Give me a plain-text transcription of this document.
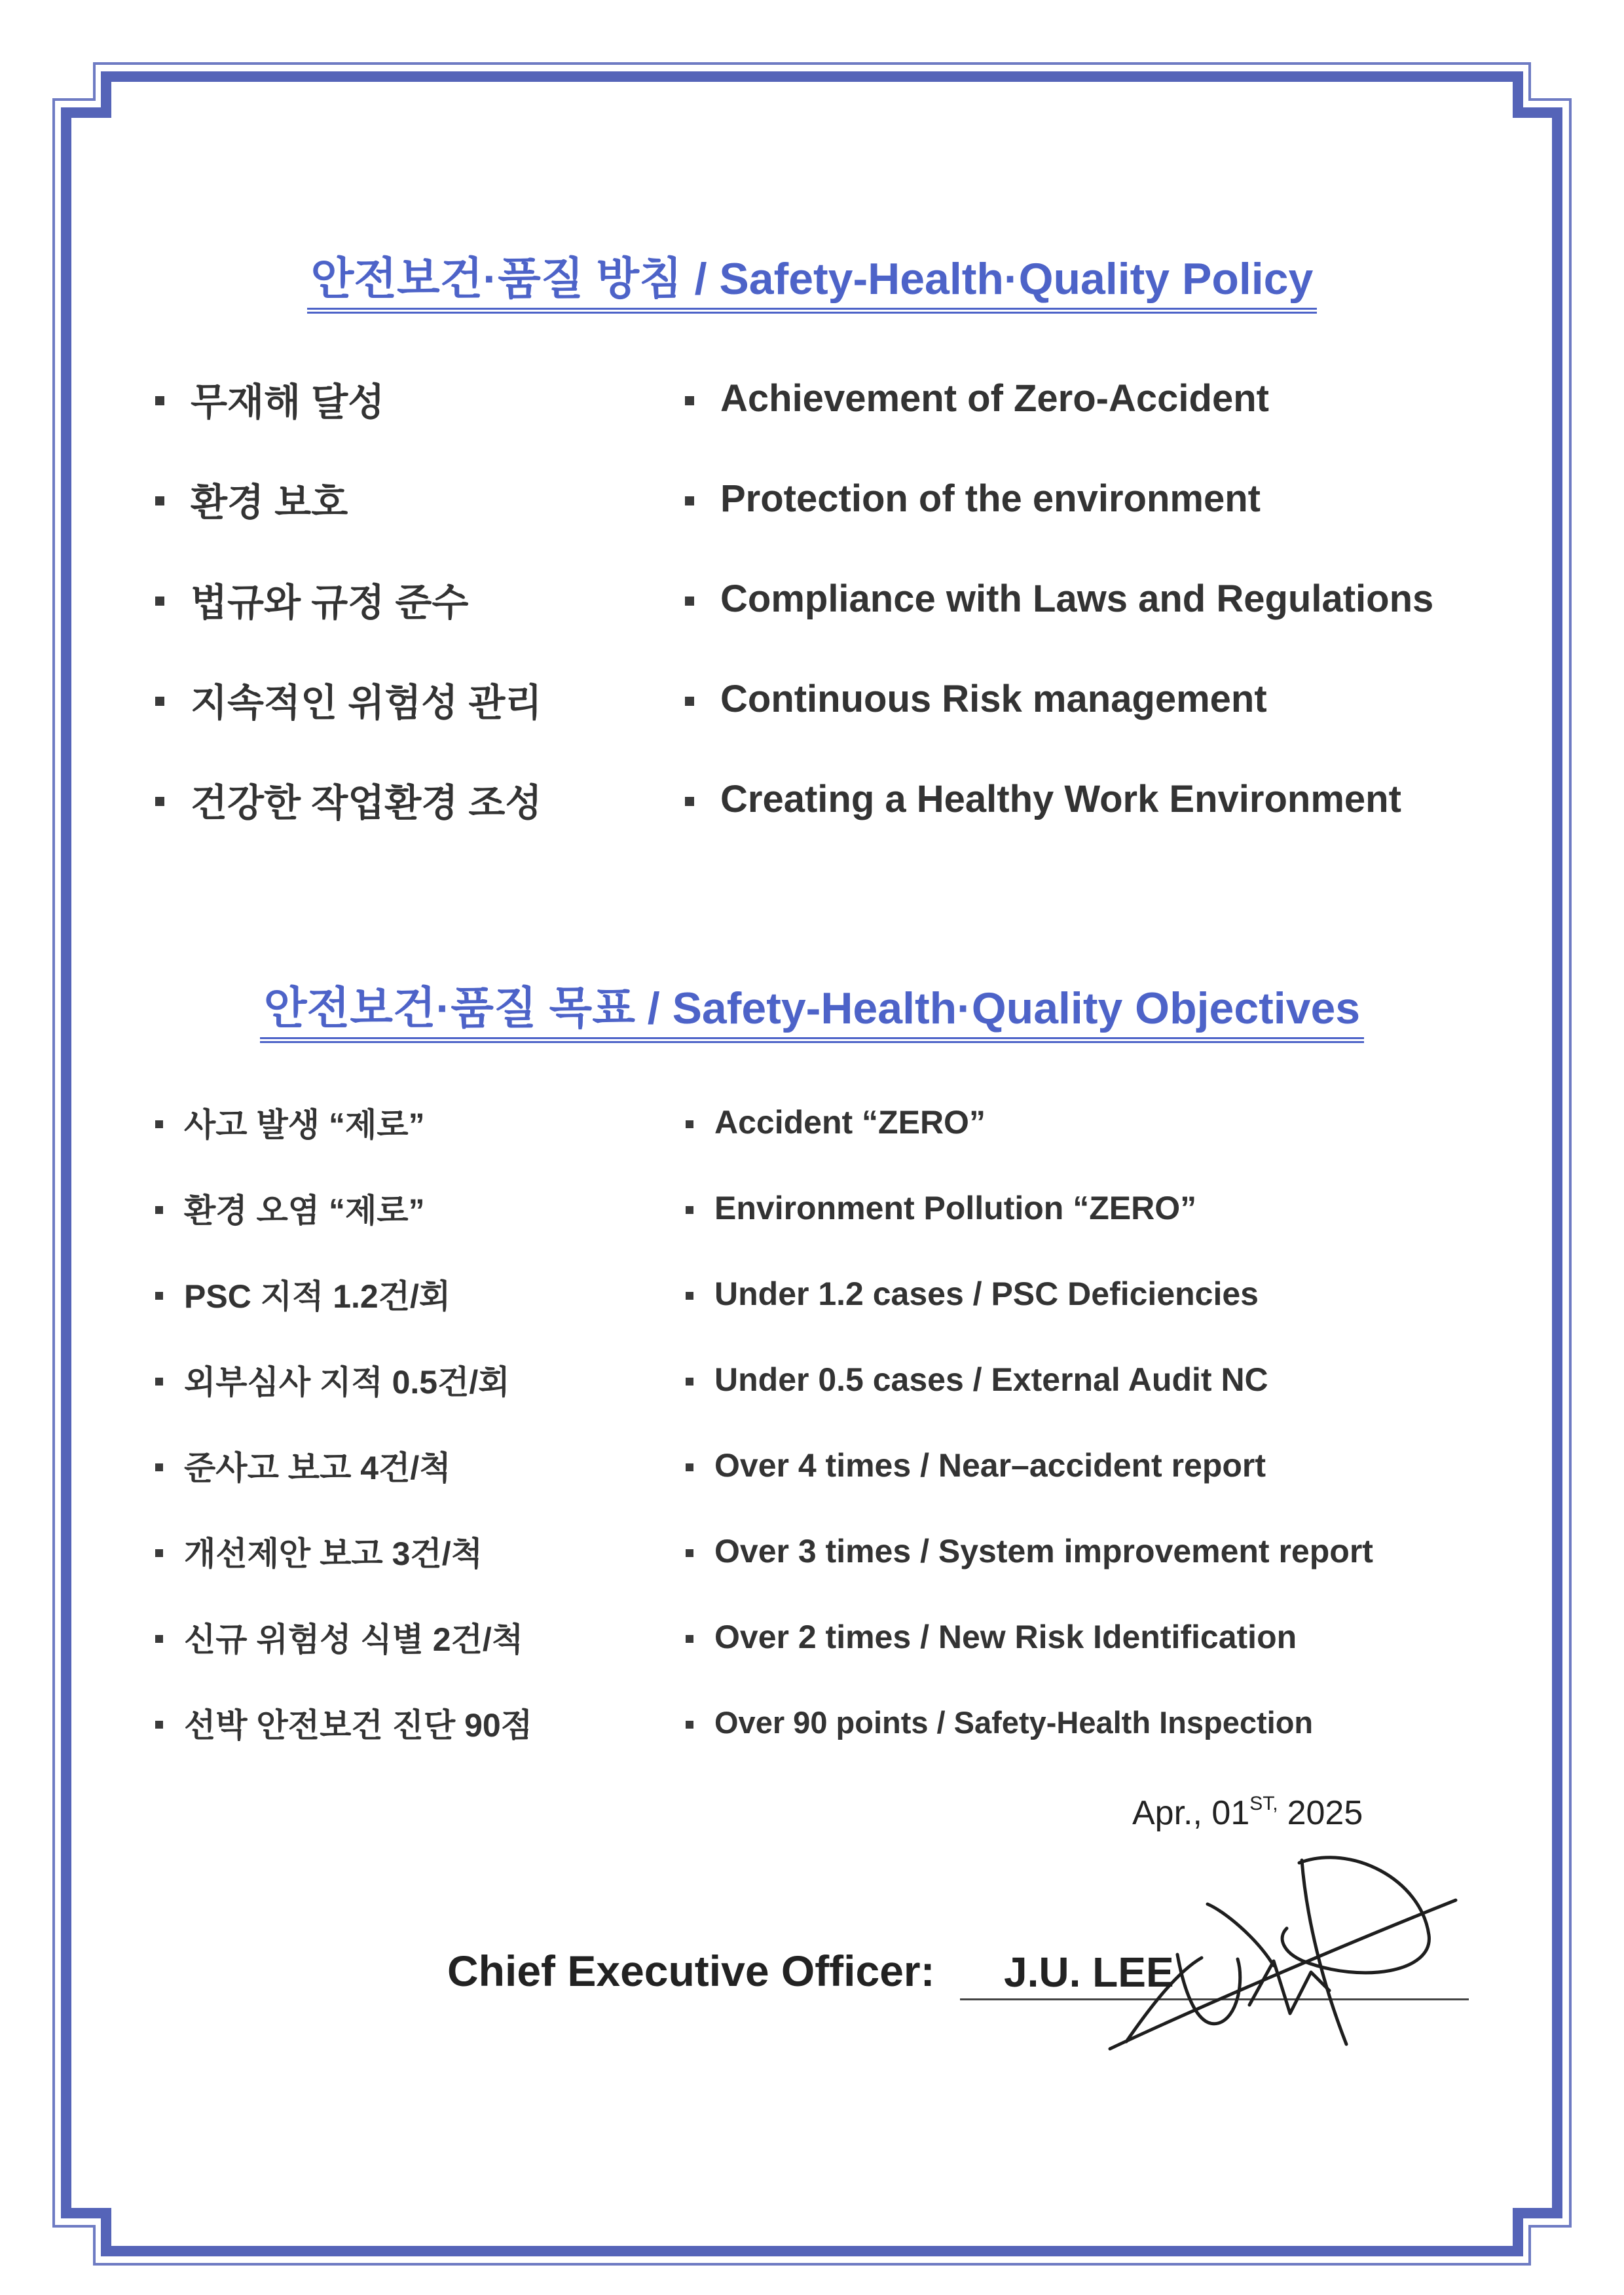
안전보건·품질 방침 / Safety-Health·Quality Policy
무재해 달성	Achievement of Zero-Accident
환경 보호	Protection of the environment
법규와 규정 준수	Compliance with Laws and Regulations
지속적인 위험성 관리	Continuous Risk management
건강한 작업환경 조성	Creating a Healthy Work Environment
안전보건·품질 목표 / Safety-Health·Quality Objectives
사고 발생 “제로”	Accident “ZERO”
환경 오염 “제로”	Environment Pollution “ZERO”
PSC 지적 1.2건/회	Under 1.2 cases / PSC Deficiencies
외부심사 지적 0.5건/회	Under 0.5 cases / External Audit NC
준사고 보고 4건/척	Over 4 times / Near–accident report
개선제안 보고 3건/척	Over 3 times / System improvement report
신규 위험성 식별 2건/척	Over 2 times / New Risk Identification
선박 안전보건 진단 90점	Over 90 points / Safety-Health Inspection
Apr., $01^{ST,}$ 2025
Chief Executive Officer: J.U. LEE
